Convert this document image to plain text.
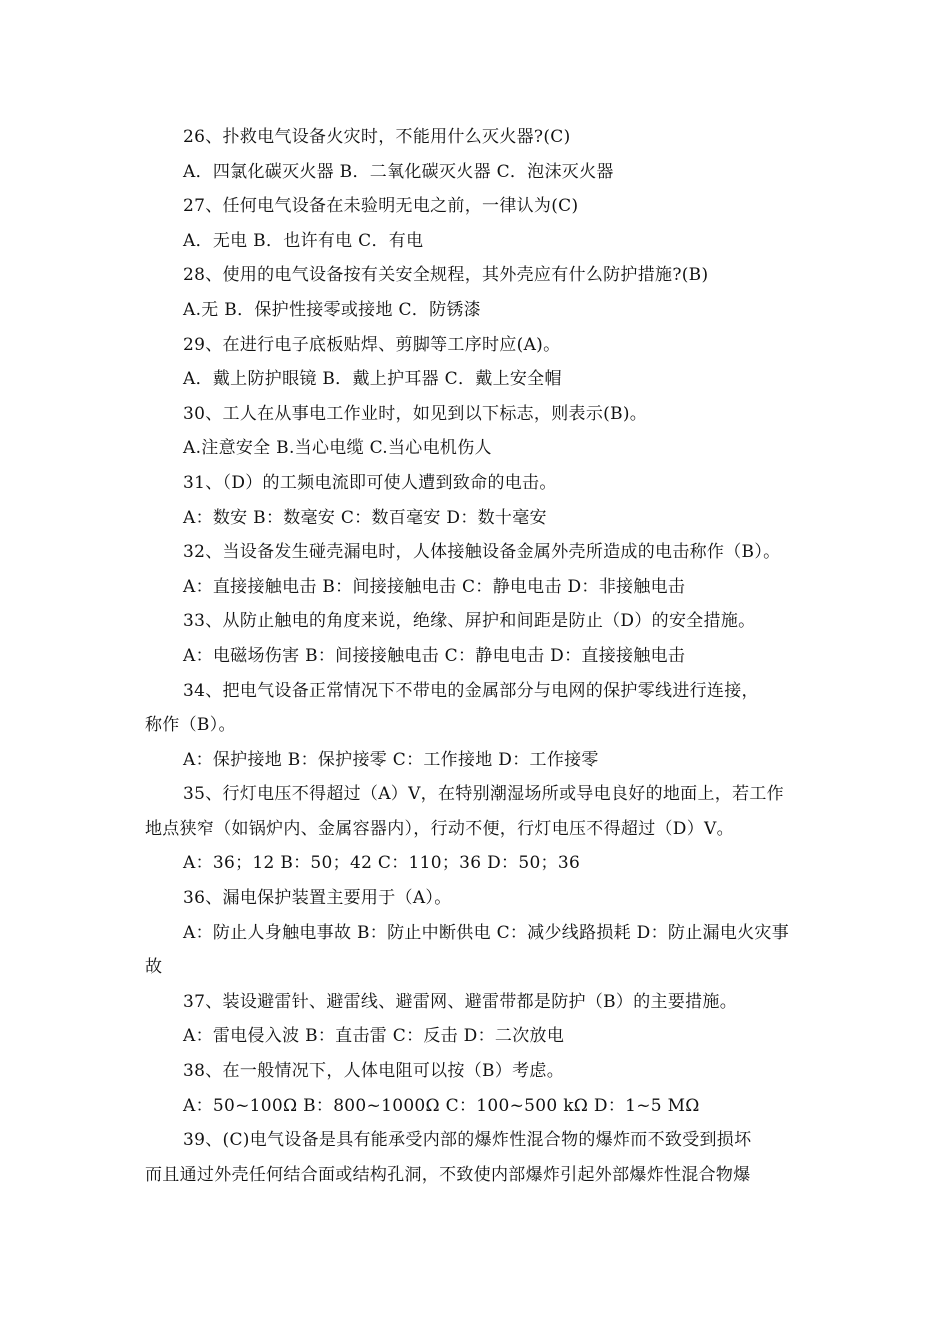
26、扑救电气设备火灾时，不能用什么灭火器?(C)
A．四氯化碳灭火器 B．二氧化碳灭火器 C．泡沫灭火器
27、任何电气设备在未验明无电之前，一律认为(C)
A．无电 B．也许有电 C．有电
28、使用的电气设备按有关安全规程，其外壳应有什么防护措施?(B)
A.无 B．保护性接零或接地 C．防锈漆
29、在进行电子底板贴焊、剪脚等工序时应(A)。
A．戴上防护眼镜 B．戴上护耳器 C．戴上安全帽
30、工人在从事电工作业时，如见到以下标志，则表示(B)。
A.注意安全 B.当心电缆 C.当心电机伤人
31、（D）的工频电流即可使人遭到致命的电击。
A：数安 B：数毫安 C：数百毫安 D：数十毫安
32、当设备发生碰壳漏电时，人体接触设备金属外壳所造成的电击称作（B）。
A：直接接触电击 B：间接接触电击 C：静电电击 D：非接触电击
33、从防止触电的角度来说，绝缘、屏护和间距是防止（D）的安全措施。
A：电磁场伤害 B：间接接触电击 C：静电电击 D：直接接触电击
34、把电气设备正常情况下不带电的金属部分与电网的保护零线进行连接，
称作（B）。
A：保护接地 B：保护接零 C：工作接地 D：工作接零
35、行灯电压不得超过（A）V，在特别潮湿场所或导电良好的地面上，若工作
地点狭窄（如锅炉内、金属容器内），行动不便，行灯电压不得超过（D）V。
A：36；12 B：50；42 C：110；36 D：50；36
36、漏电保护装置主要用于（A）。
A：防止人身触电事故 B：防止中断供电 C：减少线路损耗 D：防止漏电火灾事
故
37、装设避雷针、避雷线、避雷网、避雷带都是防护（B）的主要措施。
A：雷电侵入波 B：直击雷 C：反击 D：二次放电
38、在一般情况下，人体电阻可以按（B）考虑。
A：50~100Ω B：800~1000Ω C：100~500 kΩ D：1~5 MΩ
39、(C)电气设备是具有能承受内部的爆炸性混合物的爆炸而不致受到损坏
而且通过外壳任何结合面或结构孔洞，不致使内部爆炸引起外部爆炸性混合物爆
